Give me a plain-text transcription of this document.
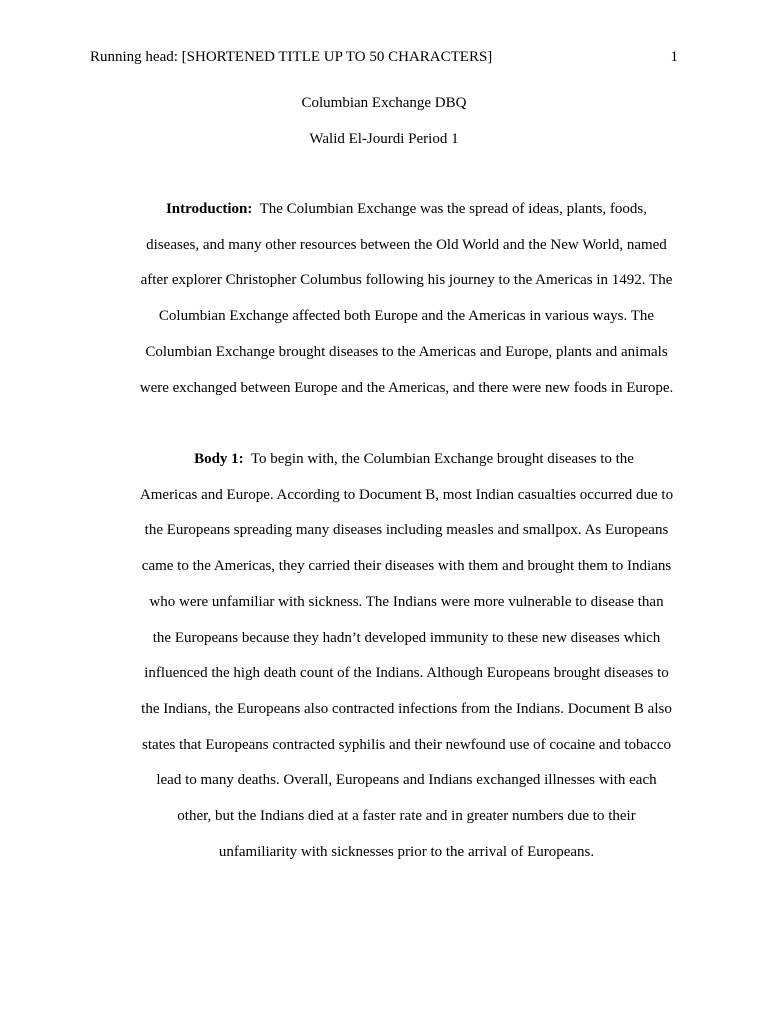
Running head: [SHORTENED TITLE UP TO 50 CHARACTERS]	1
Columbian Exchange DBQ
Walid El-Jourdi Period 1
Introduction: The Columbian Exchange was the spread of ideas, plants, foods,
diseases, and many other resources between the Old World and the New World, named
after explorer Christopher Columbus following his journey to the Americas in 1492. The
Columbian Exchange affected both Europe and the Americas in various ways. The
Columbian Exchange brought diseases to the Americas and Europe, plants and animals
were exchanged between Europe and the Americas, and there were new foods in Europe.
Body 1: To begin with, the Columbian Exchange brought diseases to the
Americas and Europe. According to Document B, most Indian casualties occurred due to
the Europeans spreading many diseases including measles and smallpox. As Europeans
came to the Americas, they carried their diseases with them and brought them to Indians
who were unfamiliar with sickness. The Indians were more vulnerable to disease than
the Europeans because they hadn’t developed immunity to these new diseases which
influenced the high death count of the Indians. Although Europeans brought diseases to
the Indians, the Europeans also contracted infections from the Indians. Document B also
states that Europeans contracted syphilis and their newfound use of cocaine and tobacco
lead to many deaths. Overall, Europeans and Indians exchanged illnesses with each
other, but the Indians died at a faster rate and in greater numbers due to their
unfamiliarity with sicknesses prior to the arrival of Europeans.
